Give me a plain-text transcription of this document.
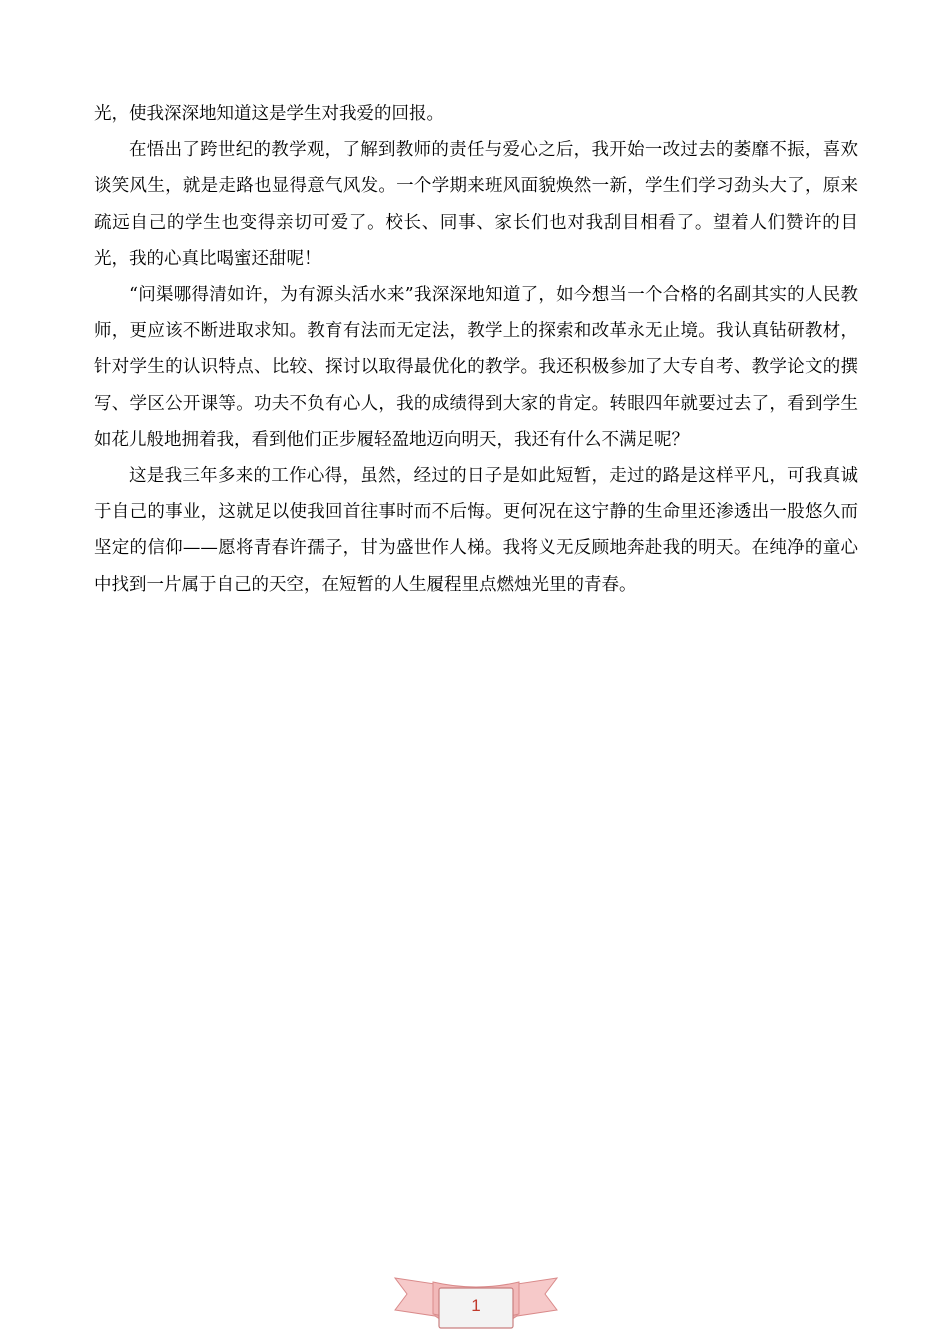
光，使我深深地知道这是学生对我爱的回报。

在悟出了跨世纪的教学观，了解到教师的责任与爱心之后，我开始一改过去的萎靡不振，喜欢谈笑风生，就是走路也显得意气风发。一个学期来班风面貌焕然一新，学生们学习劲头大了，原来疏远自己的学生也变得亲切可爱了。校长、同事、家长们也对我刮目相看了。望着人们赞许的目光，我的心真比喝蜜还甜呢！

“问渠哪得清如许，为有源头活水来”我深深地知道了，如今想当一个合格的名副其实的人民教师，更应该不断进取求知。教育有法而无定法，教学上的探索和改革永无止境。我认真钻研教材，针对学生的认识特点、比较、探讨以取得最优化的教学。我还积极参加了大专自考、教学论文的撰写、学区公开课等。功夫不负有心人，我的成绩得到大家的肯定。转眼四年就要过去了，看到学生如花儿般地拥着我，看到他们正步履轻盈地迈向明天，我还有什么不满足呢？

这是我三年多来的工作心得，虽然，经过的日子是如此短暂，走过的路是这样平凡，可我真诚于自己的事业，这就足以使我回首往事时而不后悔。更何况在这宁静的生命里还渗透出一股悠久而坚定的信仰——愿将青春许孺子，甘为盛世作人梯。我将义无反顾地奔赴我的明天。在纯净的童心中找到一片属于自己的天空，在短暂的人生履程里点燃烛光里的青春。

1
